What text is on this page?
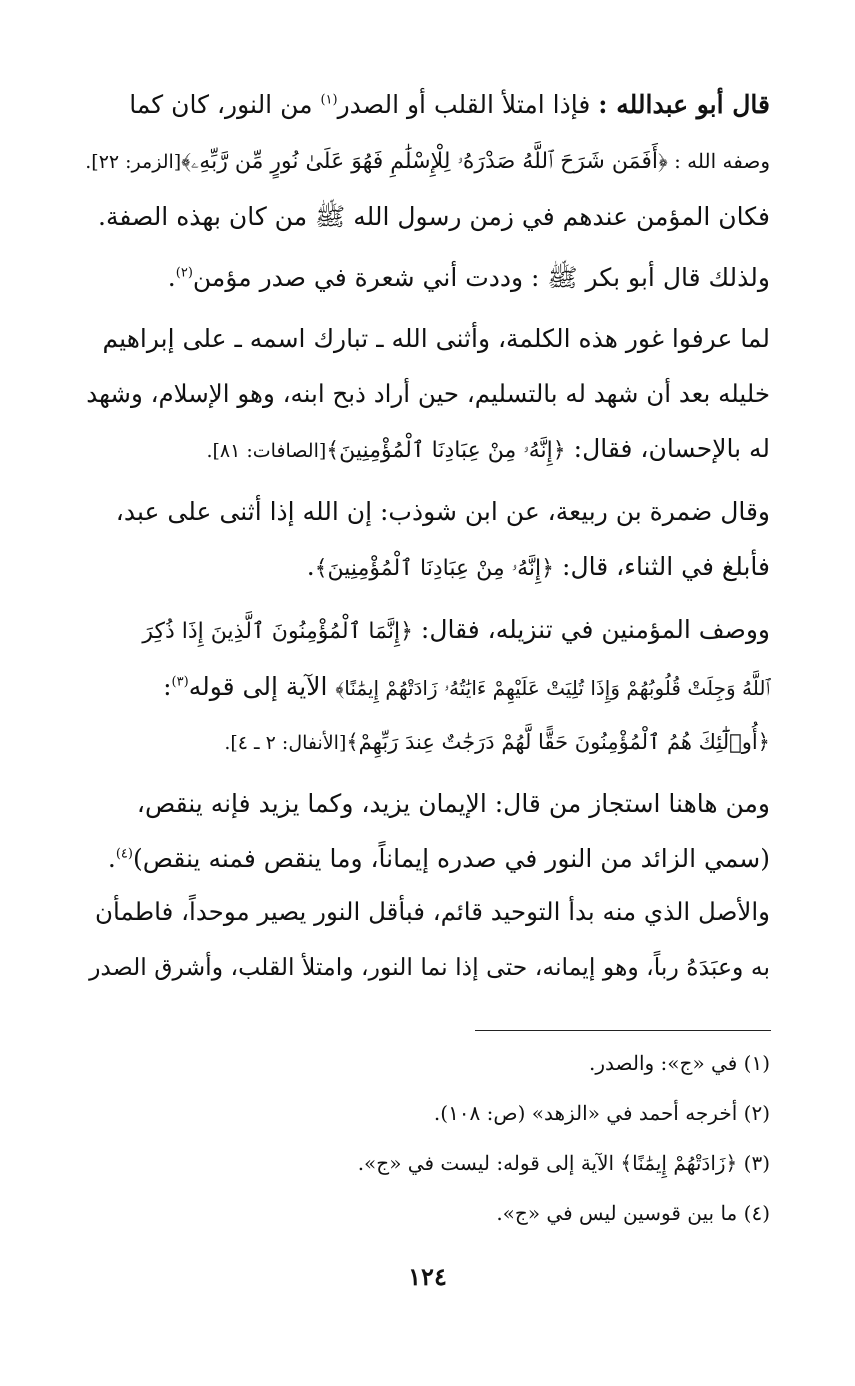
قال أبو عبدالله : فإذا امتلأ القلب أو الصدر$^{(١)}$ من النور، كان كما
وصفه الله : ﴿أَفَمَن شَرَحَ ٱللَّهُ صَدْرَهُۥ لِلْإِسْلَٰمِ فَهُوَ عَلَىٰ نُورٍ مِّن رَّبِّهِۦ﴾[الزمر: ٢٢].
فكان المؤمن عندهم في زمن رسول الله ﷺ من كان بهذه الصفة.
ولذلك قال أبو بكر ﷺ : وددت أني شعرة في صدر مؤمن$^{(٢)}$.
لما عرفوا غور هذه الكلمة، وأثنى الله ـ تبارك اسمه ـ على إبراهيم
خليله بعد أن شهد له بالتسليم، حين أراد ذبح ابنه، وهو الإسلام، وشهد
له بالإحسان، فقال: ﴿إِنَّهُۥ مِنْ عِبَادِنَا ٱلْمُؤْمِنِينَ﴾[الصافات: ٨١].
وقال ضمرة بن ربيعة، عن ابن شوذب: إن الله إذا أثنى على عبد،
فأبلغ في الثناء، قال: ﴿إِنَّهُۥ مِنْ عِبَادِنَا ٱلْمُؤْمِنِينَ﴾.
ووصف المؤمنين في تنزيله، فقال: ﴿إِنَّمَا ٱلْمُؤْمِنُونَ ٱلَّذِينَ إِذَا ذُكِرَ
ٱللَّهُ وَجِلَتْ قُلُوبُهُمْ وَإِذَا تُلِيَتْ عَلَيْهِمْ ءَايَٰتُهُۥ زَادَتْهُمْ إِيمَٰنًا﴾ الآية إلى قوله$^{(٣)}$:
﴿أُو۟لَٰٓئِكَ هُمُ ٱلْمُؤْمِنُونَ حَقًّا لَّهُمْ دَرَجَٰتٌ عِندَ رَبِّهِمْ﴾[الأنفال: ٢ ـ ٤].
ومن هاهنا استجاز من قال: الإيمان يزيد، وكما يزيد فإنه ينقص،
(سمي الزائد من النور في صدره إيماناً، وما ينقص فمنه ينقص)$^{(٤)}$.
والأصل الذي منه بدأ التوحيد قائم، فبأقل النور يصير موحداً، فاطمأن
به وعبَدَهُ رباً، وهو إيمانه، حتى إذا نما النور، وامتلأ القلب، وأشرق الصدر
(١) في «ج»: والصدر.
(٢) أخرجه أحمد في «الزهد» (ص: ١٠٨).
(٣) ﴿زَادَتْهُمْ إِيمَٰنًا﴾ الآية إلى قوله: ليست في «ج».
(٤) ما بين قوسين ليس في «ج».
١٢٤
